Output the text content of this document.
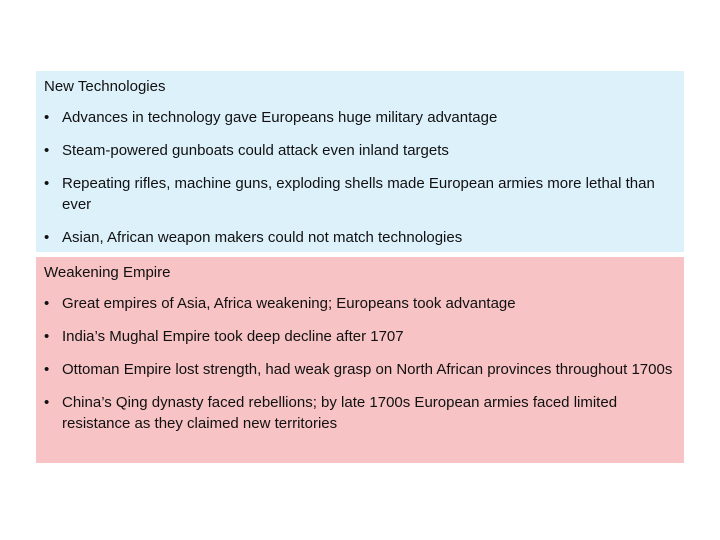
New Technologies
• Advances in technology gave Europeans huge military advantage
• Steam-powered gunboats could attack even inland targets
• Repeating rifles, machine guns, exploding shells made European armies more lethal than ever
• Asian, African weapon makers could not match technologies
Weakening Empire
• Great empires of Asia, Africa weakening; Europeans took advantage
• India’s Mughal Empire took deep decline after 1707
• Ottoman Empire lost strength, had weak grasp on North African provinces throughout 1700s
• China’s Qing dynasty faced rebellions; by late 1700s European armies faced limited resistance as they claimed new territories
